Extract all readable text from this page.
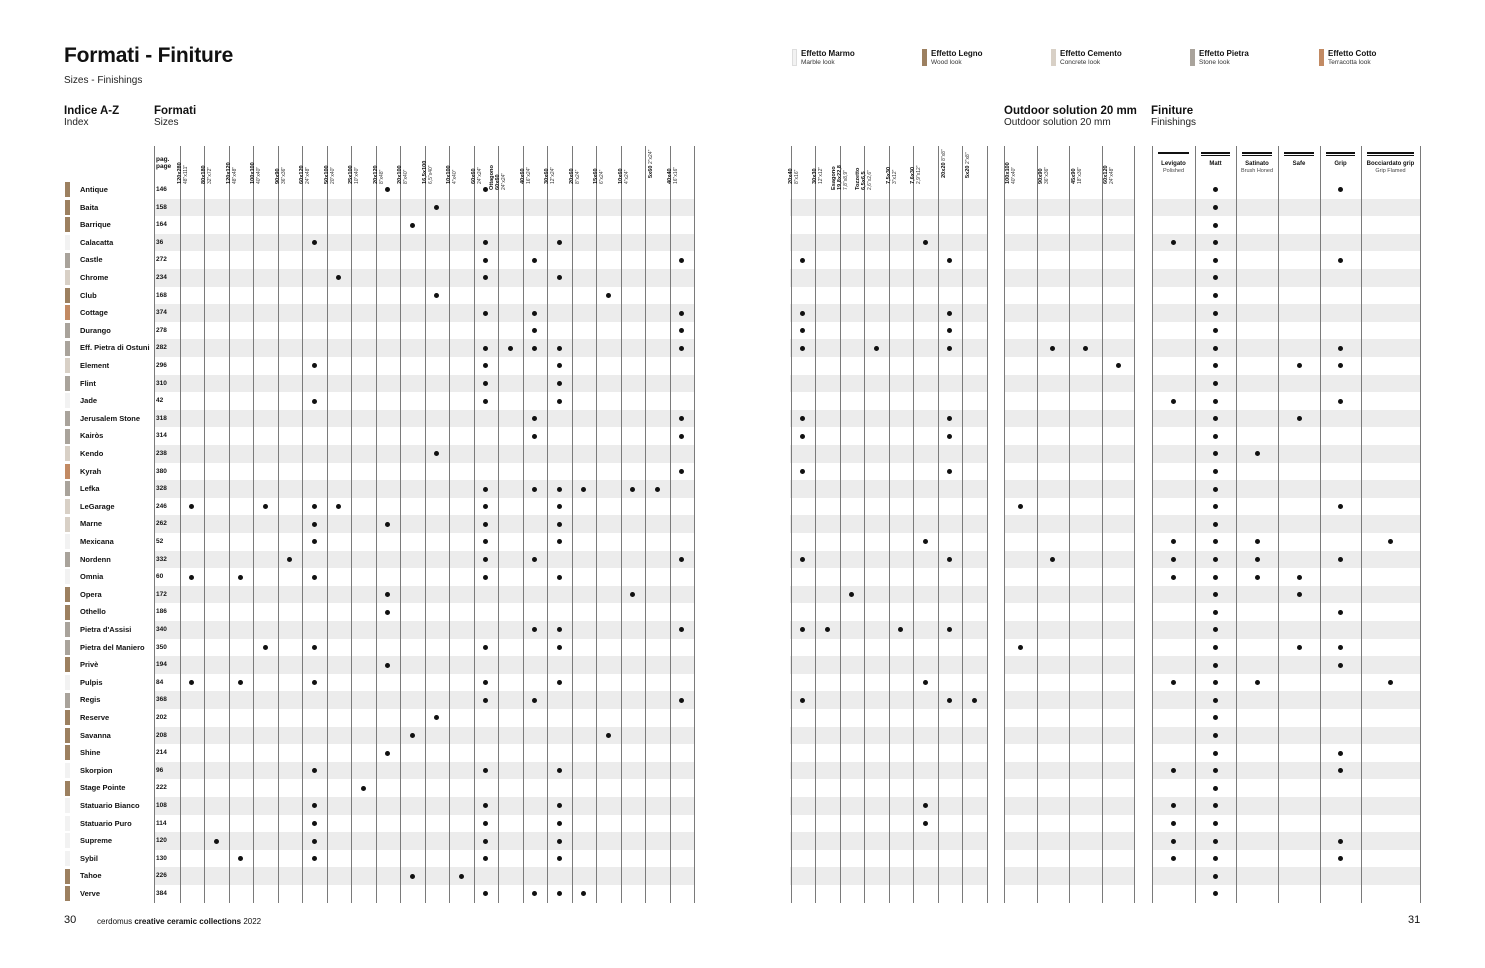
Formati - Finiture
Sizes - Finishings
Indice A-Z
Index
Formati
Sizes
Outdoor solution 20 mm
Outdoor solution 20 mm
Finiture
Finishings
Effetto Marmo
Marble look
Effetto Legno
Wood look
Effetto Cemento
Concrete look
Effetto Pietra
Stone look
Effetto Cotto
Terracotta look
Antique	146
Baita	158
Barrique	164
Calacatta	36
Castle	272
Chrome	234
Club	168
Cottage	374
Durango	278
Eff. Pietra di Ostuni 282
Element	296
Flint	310
Jade	42
Jerusalem Stone 318
Kairòs	314
Kendo	238
Kyrah	380
Lefka	328
LeGarage	246
Marne	262
Mexicana	52
Nordenn	332
Omnia	60
Opera	172
Othello	186
Pietra d'Assisi	340
Pietra del Maniero 350
Privè	194
Pulpis	84
Regis	368
Reserve	202
Savanna	208
Shine	214
Skorpion	96
Stage Pointe	222
Statuario Bianco	108
Statuario Puro	114
Supreme	120
Sybil	130
Tahoe	226
Verve	384
pag. page 120x280 48"x111" 80x180 32"x72" 120x120 48"x48" 100x100 40"x40" 90x90 36"x36" 60x120 24"x48" 50x100 20"x40" 25x100 10"x40" 20x120 8"x48" 20x100 8"x40" 16,5x100 6,5"x40" 10x100 4"x40" 60x60 24"x24" Ottagono 60x60 24"x24" 40x60 16"x24" 30x60 12"x24" 20x60 8"x24" 15x60 6"x24" 10x60 4"x24"	5x60 2"x24"
40x40 16"x16"	20x40 8"x16" 30x30 12"x12" Esagono 19,8x22,8 7,8"x8,9" Tozzetto 6,5x6,5 2,6"x2,6" 7,5x30 3"x12" 7,6x30 2,9"x12"	20x20 8"x8"
5x20 2"x8"
100x100 40"x40"	90x90 36"x36"	45x90 18"x36"	60x120 24"x48"
Levigato
Polished
Matt	Satinato
Brush Honed
Safe	Grip	Bocciardato grip
Grip Flamed
30	cerdomus creative ceramic collections 2022	31
